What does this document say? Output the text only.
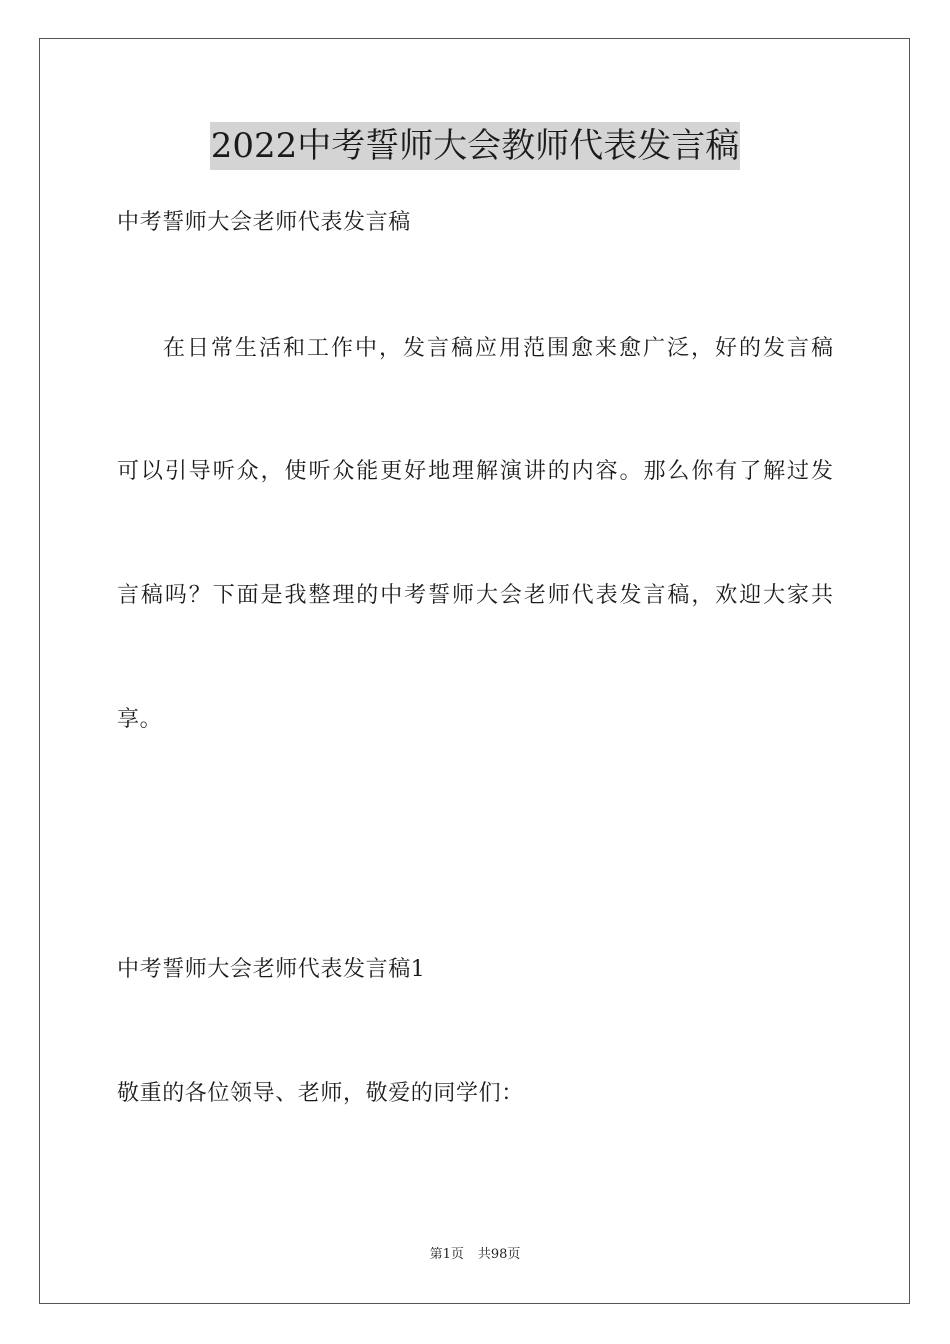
2022中考誓师大会教师代表发言稿
中考誓师大会老师代表发言稿
在日常生活和工作中，发言稿应用范围愈来愈广泛，好的发言稿
可以引导听众，使听众能更好地理解演讲的内容。那么你有了解过发
言稿吗？下面是我整理的中考誓师大会老师代表发言稿，欢迎大家共
享。
中考誓师大会老师代表发言稿1
敬重的各位领导、老师，敬爱的同学们：
第1页 共98页
